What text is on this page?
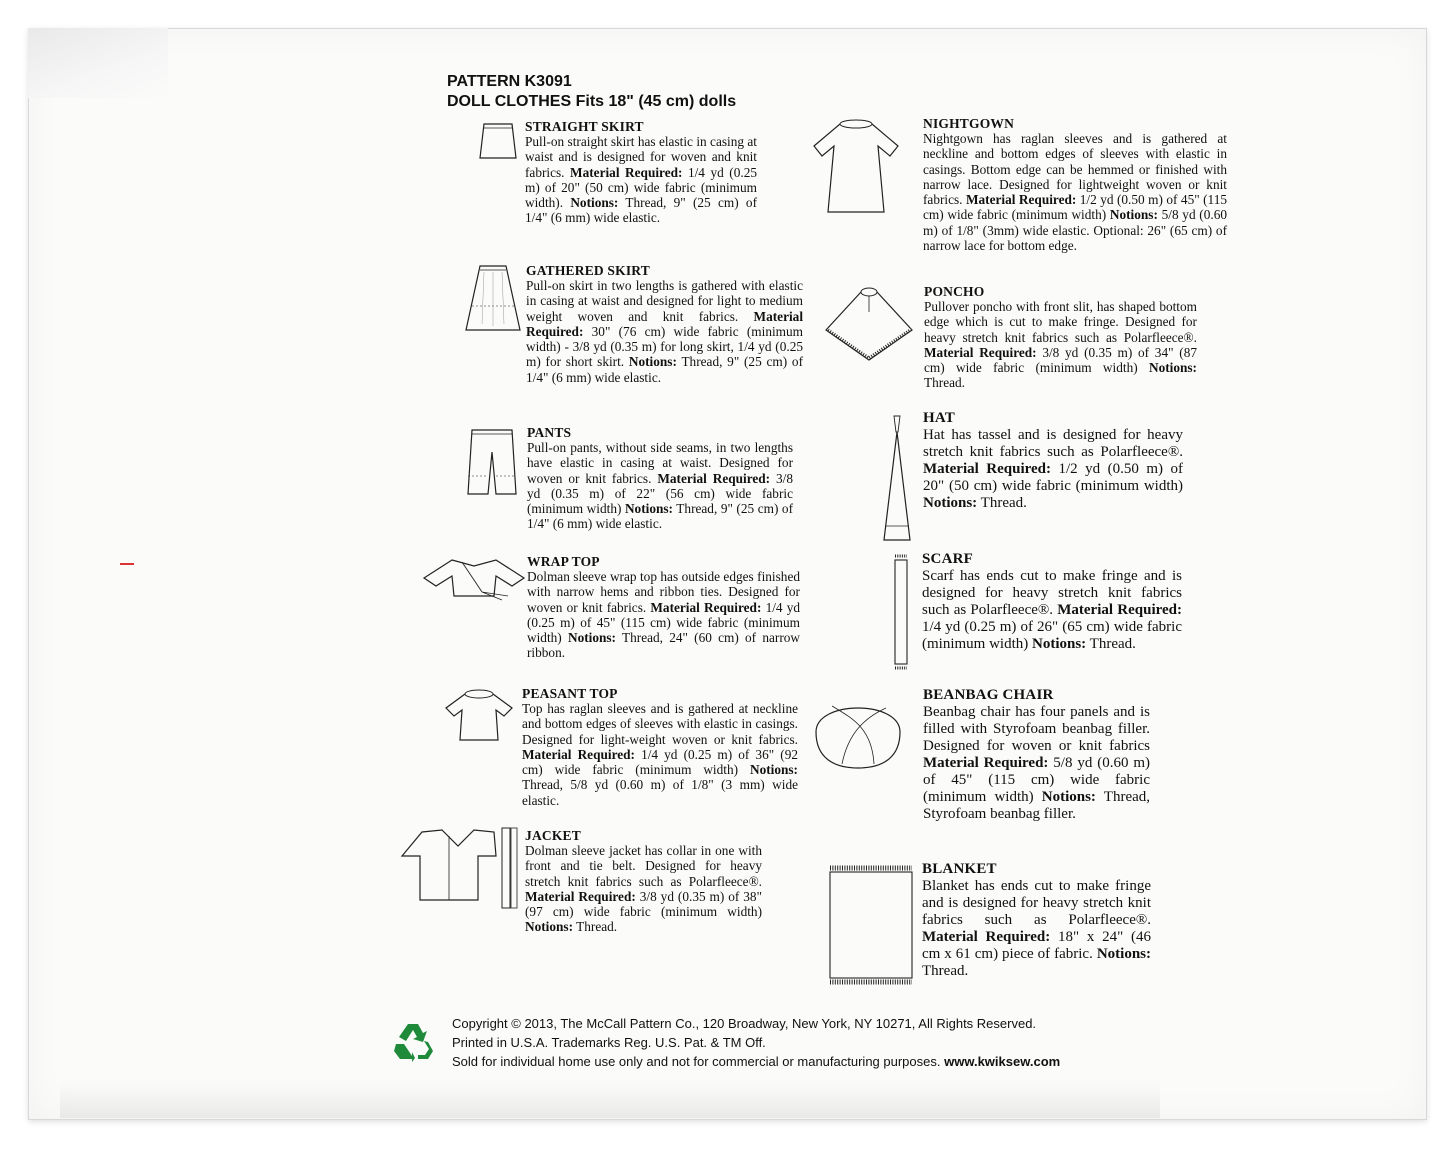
PATTERN K3091
DOLL CLOTHES Fits 18" (45 cm) dolls
STRAIGHT SKIRT

Pull-on straight skirt has elastic in casing at waist and is designed for woven and knit fabrics. Material Required: 1/4 yd (0.25 m) of 20" (50 cm) wide fabric (minimum width). Notions: Thread, 9" (25 cm) of 1/4" (6 mm) wide elastic.

GATHERED SKIRT

Pull-on skirt in two lengths is gathered with elastic in casing at waist and designed for light to medium weight woven and knit fabrics. Material Required: 30" (76 cm) wide fabric (minimum width) - 3/8 yd (0.35 m) for long skirt, 1/4 yd (0.25 m) for short skirt. Notions: Thread, 9" (25 cm) of 1/4" (6 mm) wide elastic.

PANTS

Pull-on pants, without side seams, in two lengths have elastic in casing at waist. Designed for woven or knit fabrics. Material Required: 3/8 yd (0.35 m) of 22" (56 cm) wide fabric (minimum width) Notions: Thread, 9" (25 cm) of 1/4" (6 mm) wide elastic.

WRAP TOP

Dolman sleeve wrap top has outside edges finished with narrow hems and ribbon ties. Designed for woven or knit fabrics. Material Required: 1/4 yd (0.25 m) of 45" (115 cm) wide fabric (minimum width) Notions: Thread, 24" (60 cm) of narrow ribbon.

PEASANT TOP

Top has raglan sleeves and is gathered at neckline and bottom edges of sleeves with elastic in casings. Designed for light-weight woven or knit fabrics. Material Required: 1/4 yd (0.25 m) of 36" (92 cm) wide fabric (minimum width) Notions: Thread, 5/8 yd (0.60 m) of 1/8" (3 mm) wide elastic.

JACKET

Dolman sleeve jacket has collar in one with front and tie belt. Designed for heavy stretch knit fabrics such as Polarfleece®. Material Required: 3/8 yd (0.35 m) of 38" (97 cm) wide fabric (minimum width) Notions: Thread.

NIGHTGOWN

Nightgown has raglan sleeves and is gathered at neckline and bottom edges of sleeves with elastic in casings. Bottom edge can be hemmed or finished with narrow lace. Designed for lightweight woven or knit fabrics. Material Required: 1/2 yd (0.50 m) of 45" (115 cm) wide fabric (minimum width) Notions: 5/8 yd (0.60 m) of 1/8" (3mm) wide elastic. Optional: 26" (65 cm) of narrow lace for bottom edge.

PONCHO

Pullover poncho with front slit, has shaped bottom edge which is cut to make fringe. Designed for heavy stretch knit fabrics such as Polarfleece®. Material Required: 3/8 yd (0.35 m) of 34" (87 cm) wide fabric (minimum width) Notions: Thread.

HAT

Hat has tassel and is designed for heavy stretch knit fabrics such as Polarfleece®. Material Required: 1/2 yd (0.50 m) of 20" (50 cm) wide fabric (minimum width) Notions: Thread.

SCARF

Scarf has ends cut to make fringe and is designed for heavy stretch knit fabrics such as Polarfleece®. Material Required: 1/4 yd (0.25 m) of 26" (65 cm) wide fabric (minimum width) Notions: Thread.

BEANBAG CHAIR

Beanbag chair has four panels and is filled with Styrofoam beanbag filler. Designed for woven or knit fabrics Material Required: 5/8 yd (0.60 m) of 45" (115 cm) wide fabric (minimum width) Notions: Thread, Styrofoam beanbag filler.

BLANKET

Blanket has ends cut to make fringe and is designed for heavy stretch knit fabrics such as Polarfleece®. Material Required: 18" x 24" (46 cm x 61 cm) piece of fabric. Notions: Thread.

Copyright © 2013, The McCall Pattern Co., 120 Broadway, New York, NY 10271, All Rights Reserved.
Printed in U.S.A. Trademarks Reg. U.S. Pat. & TM Off.
Sold for individual home use only and not for commercial or manufacturing purposes. www.kwiksew.com
